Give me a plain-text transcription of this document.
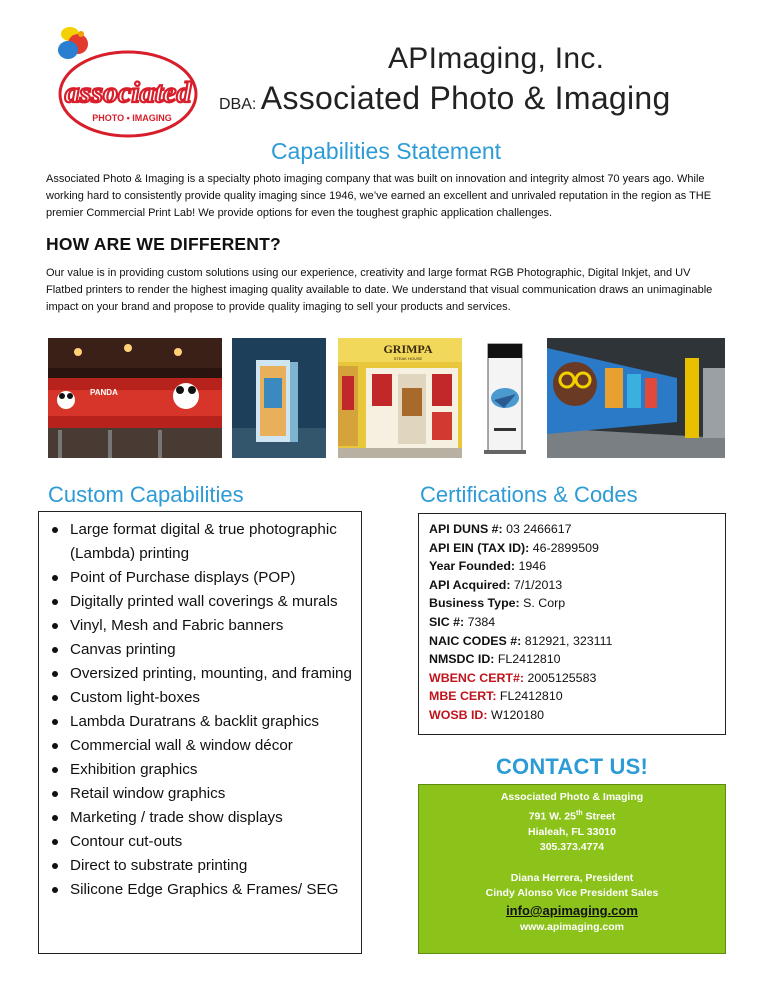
associated
PHOTO • IMAGING
APImaging, Inc.
DBA: Associated Photo & Imaging
Capabilities Statement
Associated Photo & Imaging is a specialty photo imaging company that was built on innovation and integrity almost 70 years ago. While working hard to consistently provide quality imaging since 1946, we’ve earned an excellent and unrivaled reputation in the region as THE premier Commercial Print Lab! We provide options for even the toughest graphic application challenges.
HOW ARE WE DIFFERENT?
Our value is in providing custom solutions using our experience, creativity and large format RGB Photographic, Digital Inkjet, and UV Flatbed printers to render the highest imaging quality available to date. We understand that visual communication draws an unimaginable impact on your brand and propose to provide quality imaging to sell your products and services.
PANDA
GRIMPA
STEAK HOUSE
Custom Capabilities
Large format digital & true photographic (Lambda) printing
Point of Purchase displays (POP)
Digitally printed wall coverings & murals
Vinyl, Mesh and Fabric banners
Canvas printing
Oversized printing, mounting, and framing
Custom light-boxes
Lambda Duratrans & backlit graphics
Commercial wall & window décor
Exhibition graphics
Retail window graphics
Marketing / trade show displays
Contour cut-outs
Direct to substrate printing
Silicone Edge Graphics & Frames/ SEG
Certifications & Codes
API DUNS #: 03 2466617
API EIN (TAX ID): 46-2899509
Year Founded: 1946
API Acquired: 7/1/2013
Business Type: S. Corp
SIC #: 7384
NAIC CODES #: 812921, 323111
NMSDC ID: FL2412810
WBENC CERT#: 2005125583
MBE CERT: FL2412810
WOSB ID: W120180
CONTACT US!
Associated Photo & Imaging
791 W. 25th Street
Hialeah, FL 33010
305.373.4774
Diana Herrera, President
Cindy Alonso Vice President Sales
info@apimaging.com
www.apimaging.com
